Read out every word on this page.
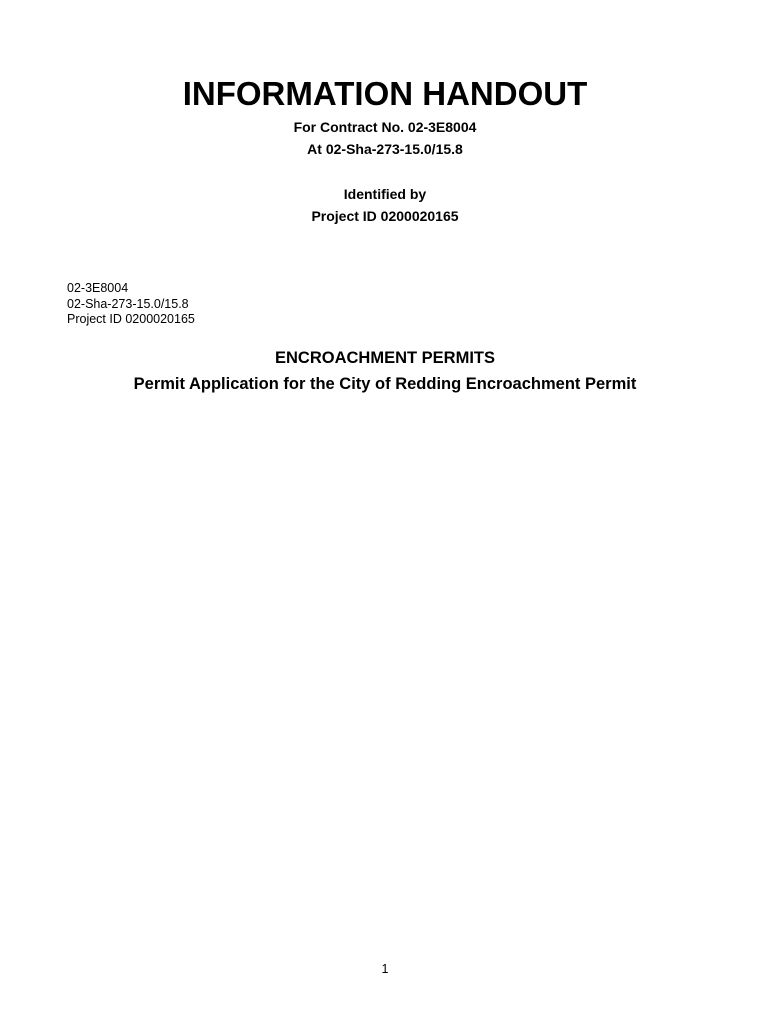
INFORMATION HANDOUT
For Contract No. 02-3E8004
At 02-Sha-273-15.0/15.8
Identified by
Project ID 0200020165
02-3E8004
02-Sha-273-15.0/15.8
Project ID 0200020165
ENCROACHMENT PERMITS
Permit Application for the City of Redding Encroachment Permit
1
